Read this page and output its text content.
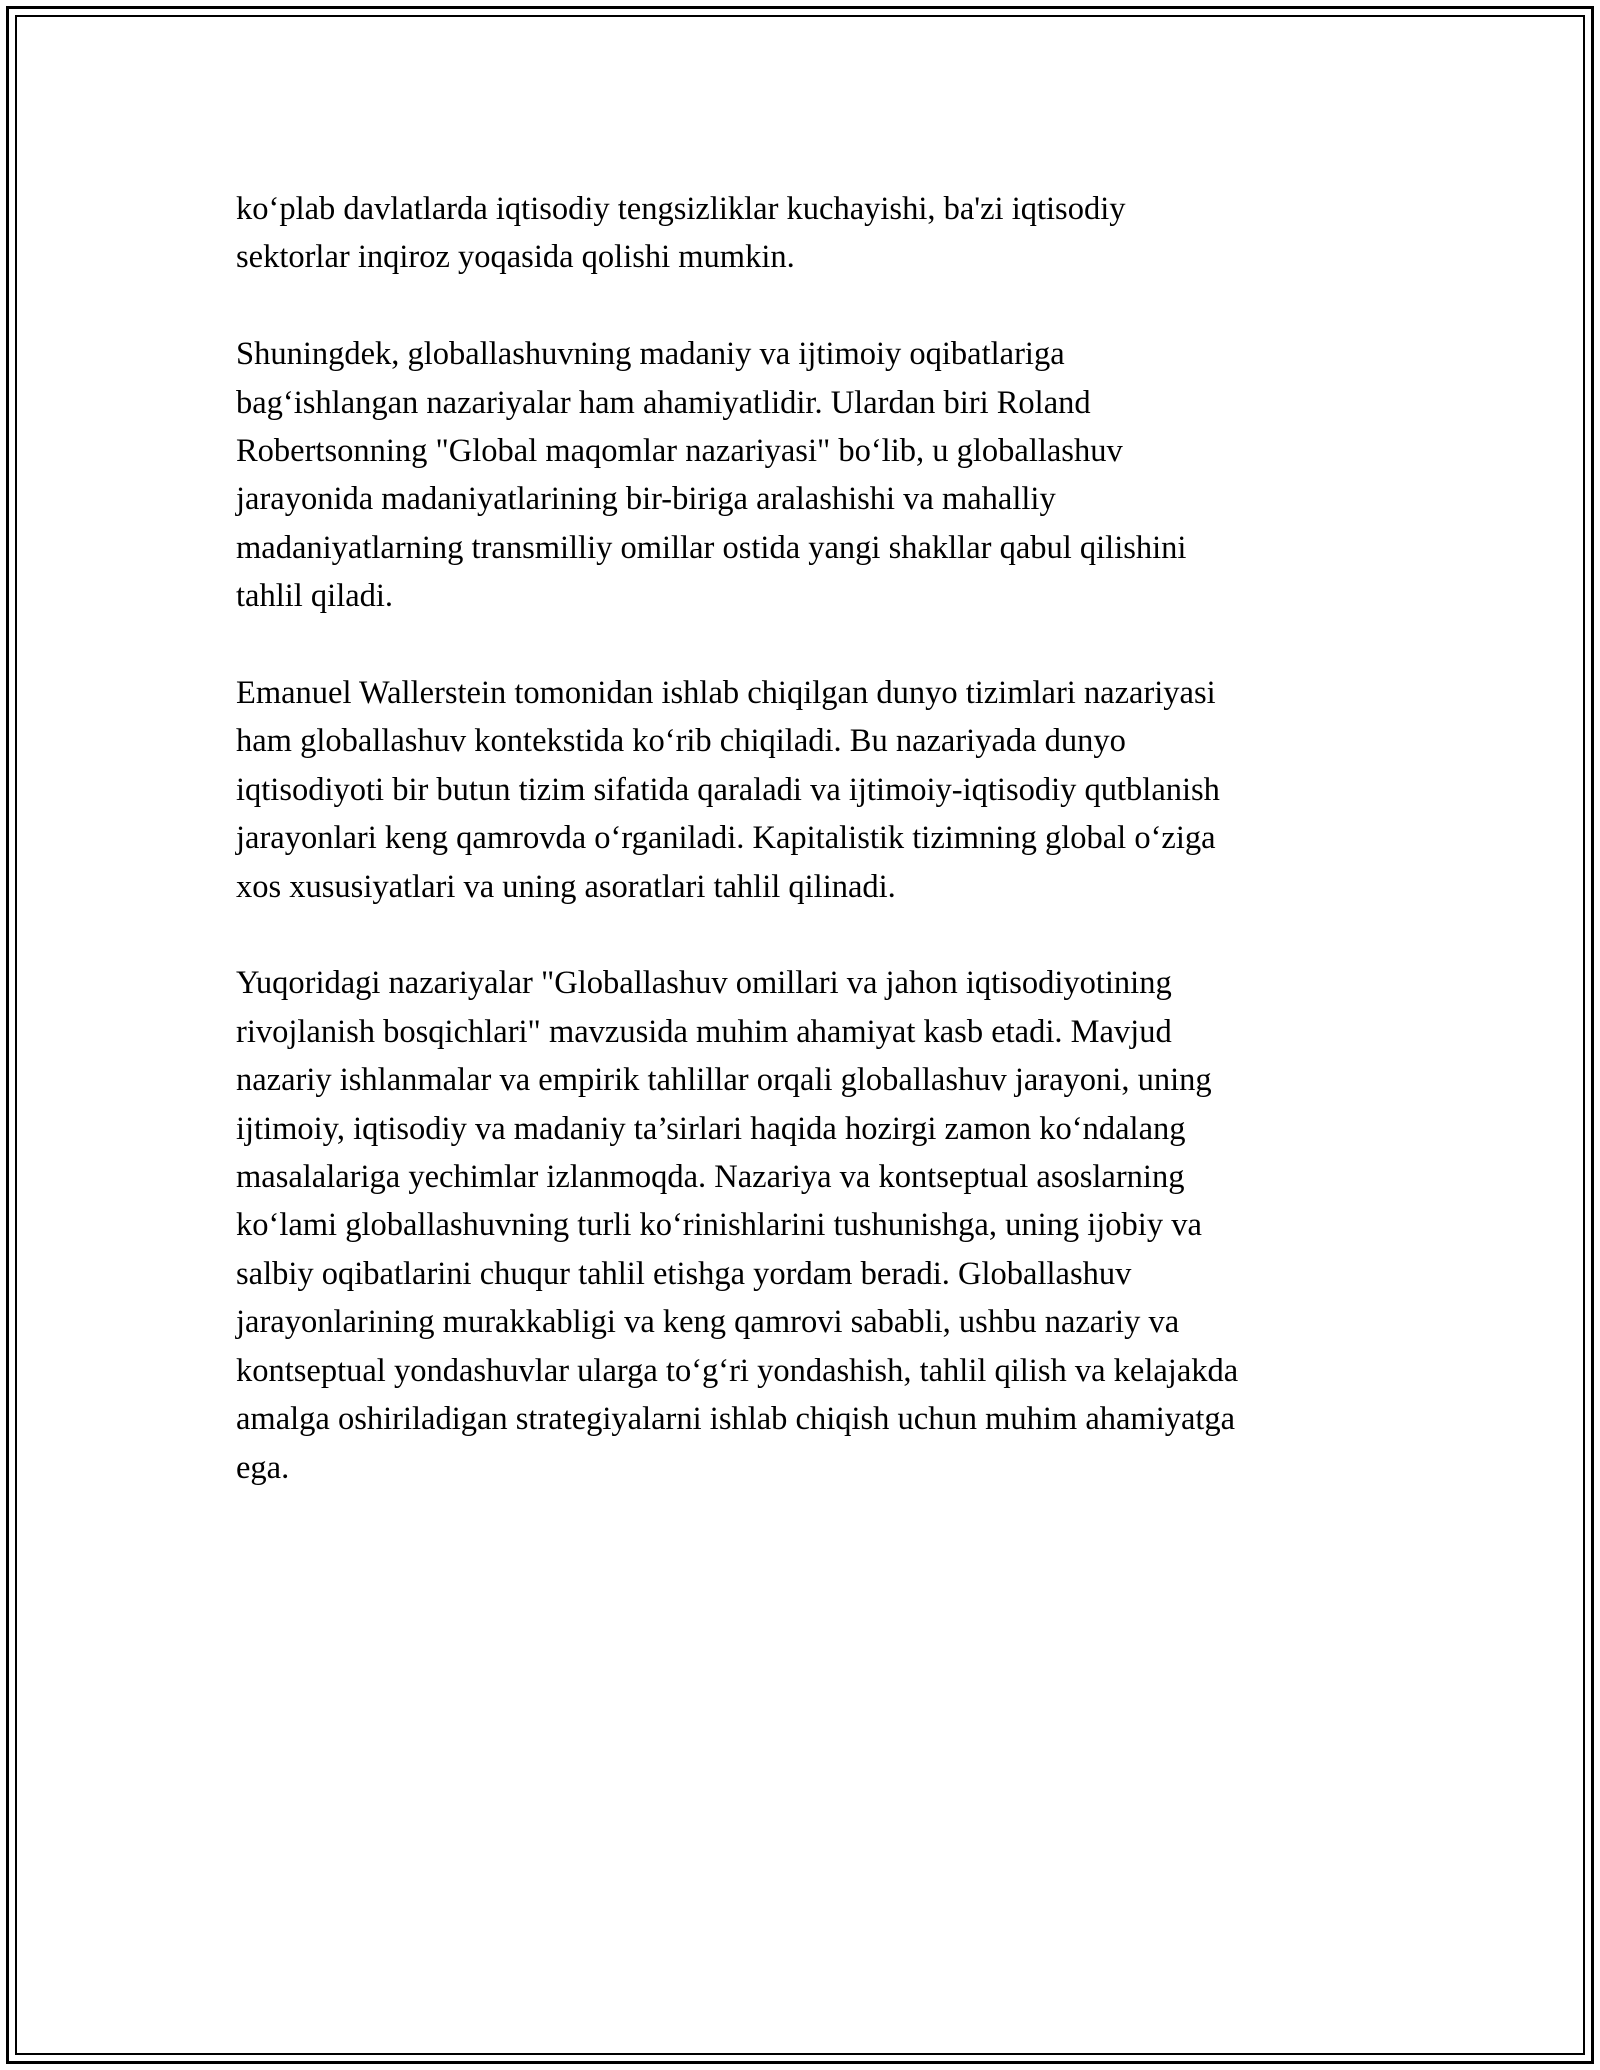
ko‘plab davlatlarda iqtisodiy tengsizliklar kuchayishi, ba'zi iqtisodiy
sektorlar inqiroz yoqasida qolishi mumkin.

Shuningdek, globallashuvning madaniy va ijtimoiy oqibatlariga
bag‘ishlangan nazariyalar ham ahamiyatlidir. Ulardan biri Roland
Robertsonning "Global maqomlar nazariyasi" bo‘lib, u globallashuv
jarayonida madaniyatlarining bir-biriga aralashishi va mahalliy
madaniyatlarning transmilliy omillar ostida yangi shakllar qabul qilishini
tahlil qiladi.

Emanuel Wallerstein tomonidan ishlab chiqilgan dunyo tizimlari nazariyasi
ham globallashuv kontekstida ko‘rib chiqiladi. Bu nazariyada dunyo
iqtisodiyoti bir butun tizim sifatida qaraladi va ijtimoiy-iqtisodiy qutblanish
jarayonlari keng qamrovda o‘rganiladi. Kapitalistik tizimning global o‘ziga
xos xususiyatlari va uning asoratlari tahlil qilinadi.

Yuqoridagi nazariyalar "Globallashuv omillari va jahon iqtisodiyotining
rivojlanish bosqichlari" mavzusida muhim ahamiyat kasb etadi. Mavjud
nazariy ishlanmalar va empirik tahlillar orqali globallashuv jarayoni, uning
ijtimoiy, iqtisodiy va madaniy ta’sirlari haqida hozirgi zamon ko‘ndalang
masalalariga yechimlar izlanmoqda. Nazariya va kontseptual asoslarning
ko‘lami globallashuvning turli ko‘rinishlarini tushunishga, uning ijobiy va
salbiy oqibatlarini chuqur tahlil etishga yordam beradi. Globallashuv
jarayonlarining murakkabligi va keng qamrovi sababli, ushbu nazariy va
kontseptual yondashuvlar ularga to‘g‘ri yondashish, tahlil qilish va kelajakda
amalga oshiriladigan strategiyalarni ishlab chiqish uchun muhim ahamiyatga
ega.
